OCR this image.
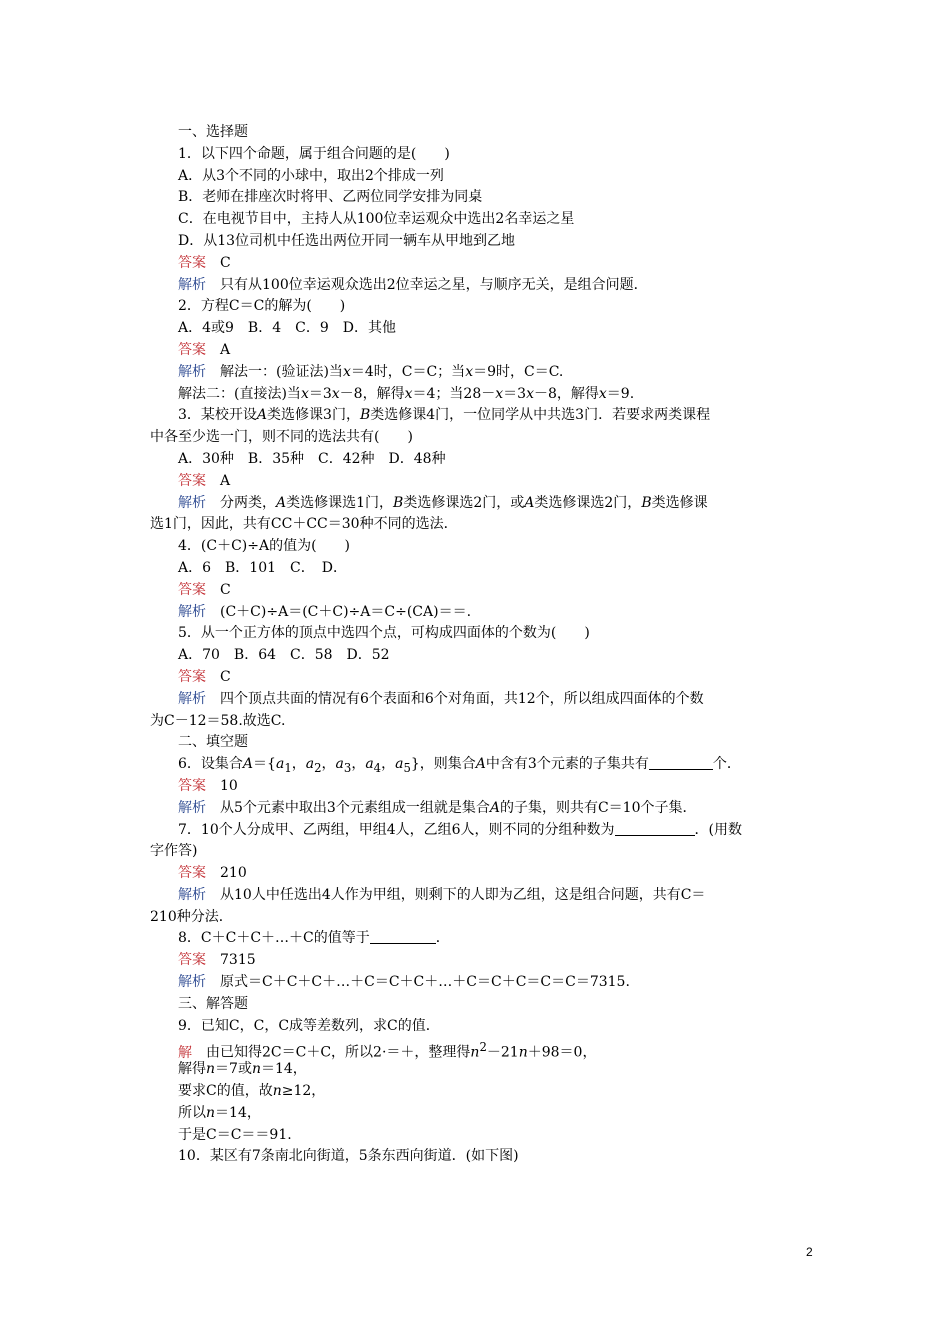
一、选择题
1．以下四个命题，属于组合问题的是(　　)
A．从3个不同的小球中，取出2个排成一列
B．老师在排座次时将甲、乙两位同学安排为同桌
C．在电视节目中，主持人从100位幸运观众中选出2名幸运之星
D．从13位司机中任选出两位开同一辆车从甲地到乙地
答案 C
解析 只有从100位幸运观众选出2位幸运之星，与顺序无关，是组合问题．
2．方程C＝C的解为(　　)
A．4或9　B．4　C．9　D．其他
答案 A
解析 解法一：(验证法)当x＝4时，C＝C；当x＝9时，C＝C.
解法二：(直接法)当x＝3x－8，解得x＝4；当28－x＝3x－8，解得x＝9.
3．某校开设A类选修课3门，B类选修课4门，一位同学从中共选3门．若要求两类课程
中各至少选一门，则不同的选法共有(　　)
A．30种　B．35种　C．42种　D．48种
答案 A
解析 分两类，A类选修课选1门，B类选修课选2门，或A类选修课选2门，B类选修课
选1门，因此，共有CC＋CC＝30种不同的选法．
4．(C＋C)÷A的值为(　　)
A．6　B．101　C．　D．
答案 C
解析 (C＋C)÷A＝(C＋C)÷A＝C÷(CA)＝＝.
5．从一个正方体的顶点中选四个点，可构成四面体的个数为(　　)
A．70　B．64　C．58　D．52
答案 C
解析 四个顶点共面的情况有6个表面和6个对角面，共12个，所以组成四面体的个数
为C－12＝58.故选C.
二、填空题
6．设集合$A=\{a_1$，$a_2$，$a_3$，$a_4$，$a_5$}，则集合A中含有3个元素的子集共有	个．
答案 10
解析 从5个元素中取出3个元素组成一组就是集合A的子集，则共有C＝10个子集．
7．10个人分成甲、乙两组，甲组4人，乙组6人，则不同的分组种数为	．(用数
字作答)
答案 210
解析 从10人中任选出4人作为甲组，则剩下的人即为乙组，这是组合问题，共有C＝
210种分法．
8．C＋C＋C＋…＋C的值等于	．
答案 7315
解析 原式＝C＋C＋C＋…＋C＝C＋C＋…＋C＝C＋C＝C＝C＝7315.
三、解答题
9．已知C，C，C成等差数列，求C的值．
解 由已知得2C＝C＋C，所以2·＝＋，整理得$n^2-21n+98=0$，
解得n＝7或n＝14，
要求C的值，故n≥12，
所以n＝14，
于是C＝C＝＝91.
10．某区有7条南北向街道，5条东西向街道．(如下图)
2
